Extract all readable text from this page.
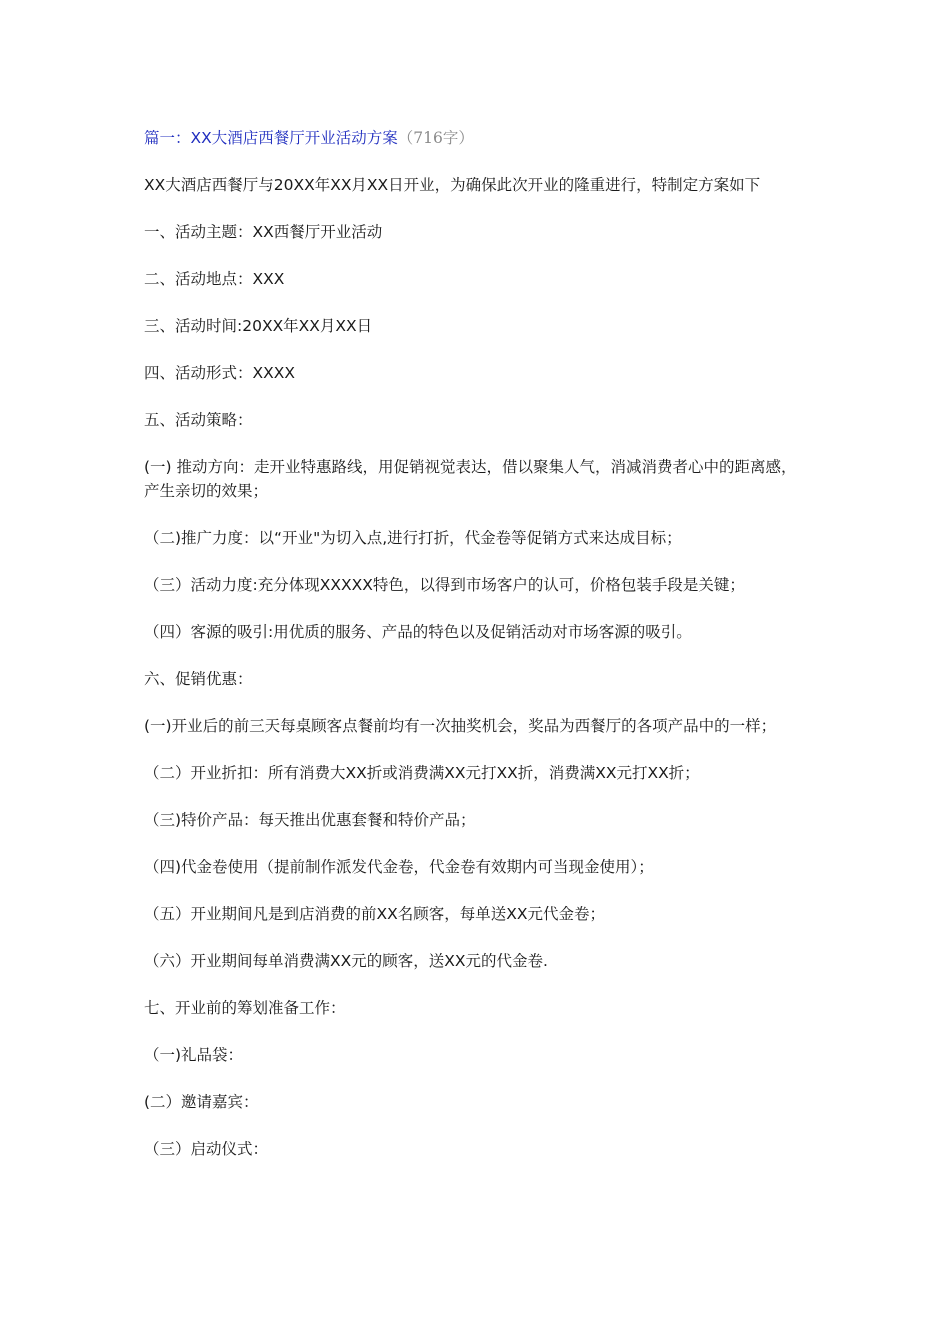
篇一：XX大酒店西餐厅开业活动方案（716字）

XX大酒店西餐厅与20XX年XX月XX日开业，为确保此次开业的隆重进行，特制定方案如下

一、活动主题：XX西餐厅开业活动

二、活动地点：XXX

三、活动时间:20XX年XX月XX日

四、活动形式：XXXX

五、活动策略：

(一) 推动方向：走开业特惠路线，用促销视觉表达，借以聚集人气，消减消费者心中的距离感，产生亲切的效果；

（二)推广力度：以“开业"为切入点,进行打折，代金卷等促销方式来达成目标；

（三）活动力度:充分体现XXXXX特色，以得到市场客户的认可，价格包装手段是关键；

（四）客源的吸引:用优质的服务、产品的特色以及促销活动对市场客源的吸引。

六、促销优惠：

(一)开业后的前三天每桌顾客点餐前均有一次抽奖机会，奖品为西餐厅的各项产品中的一样；

（二）开业折扣：所有消费大XX折或消费满XX元打XX折，消费满XX元打XX折；

（三)特价产品：每天推出优惠套餐和特价产品；

（四)代金卷使用（提前制作派发代金卷，代金卷有效期内可当现金使用）；

（五）开业期间凡是到店消费的前XX名顾客，每单送XX元代金卷；

（六）开业期间每单消费满XX元的顾客，送XX元的代金卷.

七、开业前的筹划准备工作：

（一)礼品袋：

(二）邀请嘉宾：

（三）启动仪式：
